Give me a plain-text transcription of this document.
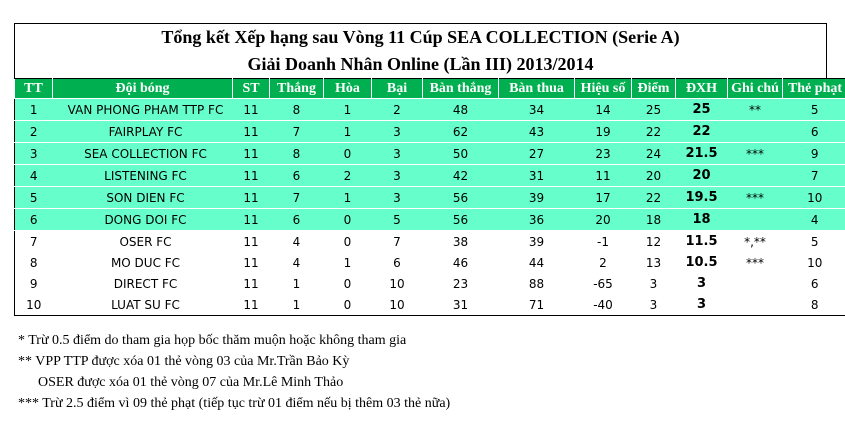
Tổng kết Xếp hạng sau Vòng 11 Cúp SEA COLLECTION (Serie A)
Giải Doanh Nhân Online (Lần III) 2013/2014
TT	Đội bóng	ST	Thắng	Hòa	Bại	Bàn thắng	Bàn thua	Hiệu số	Điểm	ĐXH	Ghi chú	Thẻ phạt
1	VAN PHONG PHAM TTP FC	11	8	1	2	48	34	14	25	25	**	5
2	FAIRPLAY FC	11	7	1	3	62	43	19	22	22		6
3	SEA COLLECTION FC	11	8	0	3	50	27	23	24	21.5	***	9
4	LISTENING FC	11	6	2	3	42	31	11	20	20		7
5	SON DIEN FC	11	7	1	3	56	39	17	22	19.5	***	10
6	DONG DOI FC	11	6	0	5	56	36	20	18	18		4
7	OSER FC	11	4	0	7	38	39	-1	12	11.5	*,**	5
8	MO DUC FC	11	4	1	6	46	44	2	13	10.5	***	10
9	DIRECT FC	11	1	0	10	23	88	-65	3	3		6
10	LUAT SU FC	11	1	0	10	31	71	-40	3	3		8
* Trừ 0.5 điểm do tham gia họp bốc thăm muộn hoặc không tham gia
** VPP TTP được xóa 01 thẻ vòng 03 của Mr.Trần Bảo Kỳ
OSER được xóa 01 thẻ vòng 07 của Mr.Lê Minh Thảo
*** Trừ 2.5 điểm vì 09 thẻ phạt (tiếp tục trừ 01 điểm nếu bị thêm 03 thẻ nữa)
